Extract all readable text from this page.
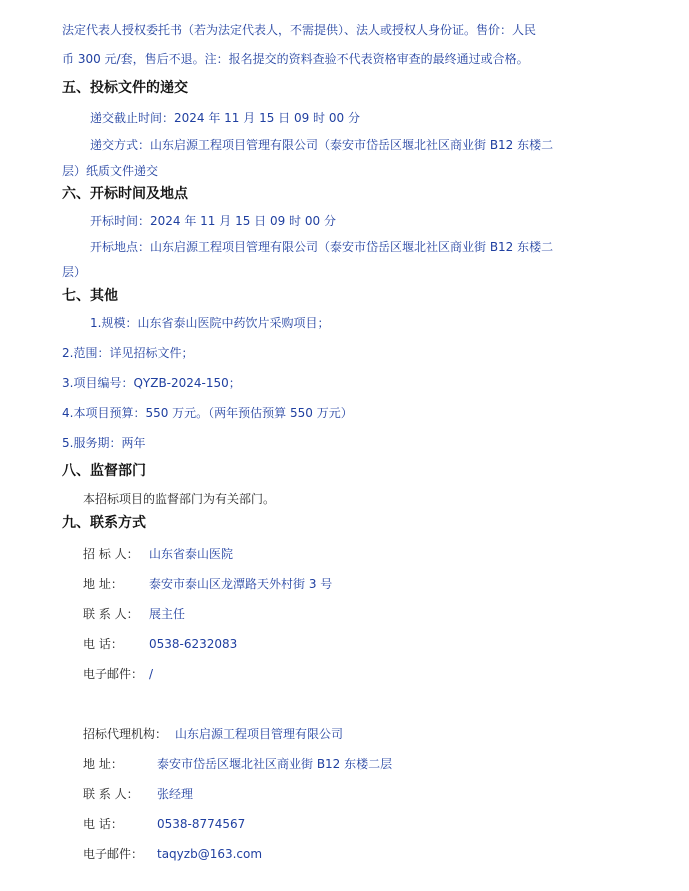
法定代表人授权委托书（若为法定代表人，不需提供）、法人或授权人身份证。售价：人民
币 300 元/套，售后不退。注：报名提交的资料查验不代表资格审查的最终通过或合格。
五、投标文件的递交
递交截止时间：2024 年 11 月 15 日 09 时 00 分
递交方式：山东启源工程项目管理有限公司（泰安市岱岳区堰北社区商业街 B12 东楼二
层）纸质文件递交
六、开标时间及地点
开标时间：2024 年 11 月 15 日 09 时 00 分
开标地点：山东启源工程项目管理有限公司（泰安市岱岳区堰北社区商业街 B12 东楼二
层）
七、其他
1.规模：山东省泰山医院中药饮片采购项目；
2.范围：详见招标文件；
3.项目编号：QYZB-2024-150；
4.本项目预算：550 万元。（两年预估预算 550 万元）
5.服务期：两年
八、监督部门
本招标项目的监督部门为有关部门。
九、联系方式
招 标 人： 山东省泰山医院
地 址： 泰安市泰山区龙潭路天外村街 3 号
联 系 人： 展主任
电 话： 0538-6232083
电子邮件： /
招标代理机构： 山东启源工程项目管理有限公司
地 址：	泰安市岱岳区堰北社区商业街 B12 东楼二层
联 系 人： 张经理
电 话：	0538-8774567
电子邮件： taqyzb@163.com
